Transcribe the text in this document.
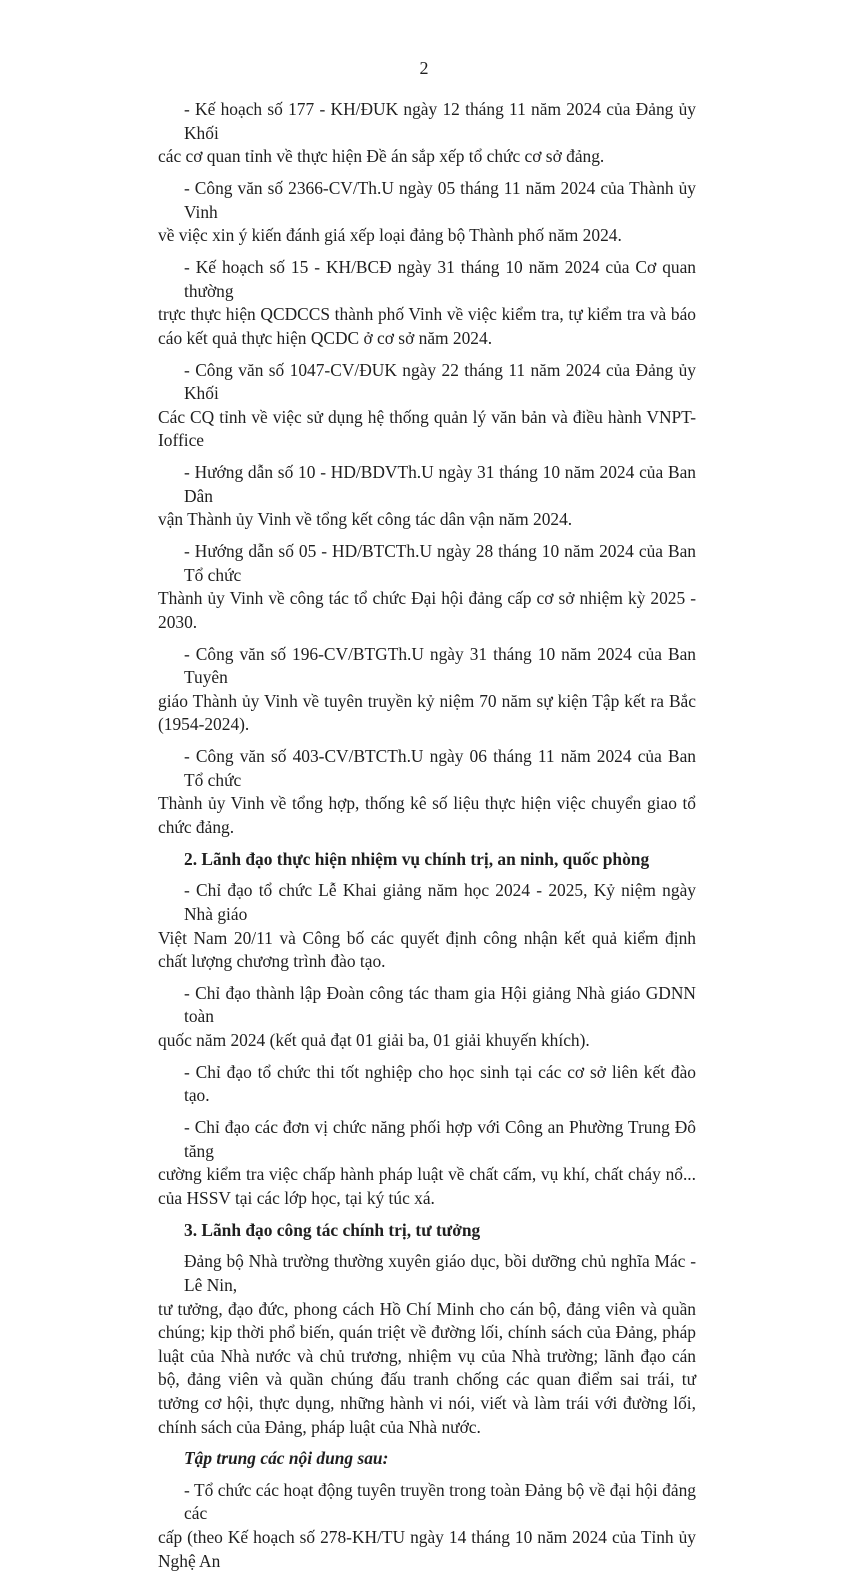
2
- Kế hoạch số 177 - KH/ĐUK ngày 12 tháng 11 năm 2024 của Đảng ủy Khối
các cơ quan tỉnh về thực hiện Đề án sắp xếp tổ chức cơ sở đảng.
- Công văn số 2366-CV/Th.U ngày 05 tháng 11 năm 2024 của Thành ủy Vinh
về việc xin ý kiến đánh giá xếp loại đảng bộ Thành phố năm 2024.
- Kế hoạch số 15 - KH/BCĐ ngày 31 tháng 10 năm 2024 của Cơ quan thường
trực thực hiện QCDCCS thành phố Vinh về việc kiểm tra, tự kiểm tra và báo cáo kết quả thực hiện QCDC ở cơ sở năm 2024.
- Công văn số 1047-CV/ĐUK ngày 22 tháng 11 năm 2024 của Đảng ủy Khối
Các CQ tỉnh về việc sử dụng hệ thống quản lý văn bản và điều hành VNPT-Ioffice
- Hướng dẫn số 10 - HD/BDVTh.U ngày 31 tháng 10 năm 2024 của Ban Dân
vận Thành ủy Vinh về tổng kết công tác dân vận năm 2024.
- Hướng dẫn số 05 - HD/BTCTh.U ngày 28 tháng 10 năm 2024 của Ban Tổ chức
Thành ủy Vinh về công tác tổ chức Đại hội đảng cấp cơ sở nhiệm kỳ 2025 - 2030.
- Công văn số 196-CV/BTGTh.U ngày 31 tháng 10 năm 2024 của Ban Tuyên
giáo Thành ủy Vinh về tuyên truyền kỷ niệm 70 năm sự kiện Tập kết ra Bắc (1954-2024).
- Công văn số 403-CV/BTCTh.U ngày 06 tháng 11 năm 2024 của Ban Tổ chức
Thành ủy Vinh về tổng hợp, thống kê số liệu thực hiện việc chuyển giao tổ chức đảng.
2. Lãnh đạo thực hiện nhiệm vụ chính trị, an ninh, quốc phòng
- Chỉ đạo tổ chức Lễ Khai giảng năm học 2024 - 2025, Kỷ niệm ngày Nhà giáo
Việt Nam 20/11 và Công bố các quyết định công nhận kết quả kiểm định chất lượng chương trình đào tạo.
- Chỉ đạo thành lập Đoàn công tác tham gia Hội giảng Nhà giáo GDNN toàn
quốc năm 2024 (kết quả đạt 01 giải ba, 01 giải khuyến khích).
- Chỉ đạo tổ chức thi tốt nghiệp cho học sinh tại các cơ sở liên kết đào tạo.
- Chỉ đạo các đơn vị chức năng phối hợp với Công an Phường Trung Đô tăng
cường kiểm tra việc chấp hành pháp luật về chất cấm, vụ khí, chất cháy nổ... của HSSV tại các lớp học, tại ký túc xá.
3. Lãnh đạo công tác chính trị, tư tưởng
Đảng bộ Nhà trường thường xuyên giáo dục, bồi dưỡng chủ nghĩa Mác - Lê Nin,
tư tưởng, đạo đức, phong cách Hồ Chí Minh cho cán bộ, đảng viên và quần chúng; kịp thời phổ biến, quán triệt về đường lối, chính sách của Đảng, pháp luật của Nhà nước và chủ trương, nhiệm vụ của Nhà trường; lãnh đạo cán bộ, đảng viên và quần chúng đấu tranh chống các quan điểm sai trái, tư tưởng cơ hội, thực dụng, những hành vi nói, viết và làm trái với đường lối, chính sách của Đảng, pháp luật của Nhà nước.
Tập trung các nội dung sau:
- Tổ chức các hoạt động tuyên truyền trong toàn Đảng bộ về đại hội đảng các
cấp (theo Kế hoạch số 278-KH/TU ngày 14 tháng 10 năm 2024 của Tỉnh ủy Nghệ An
